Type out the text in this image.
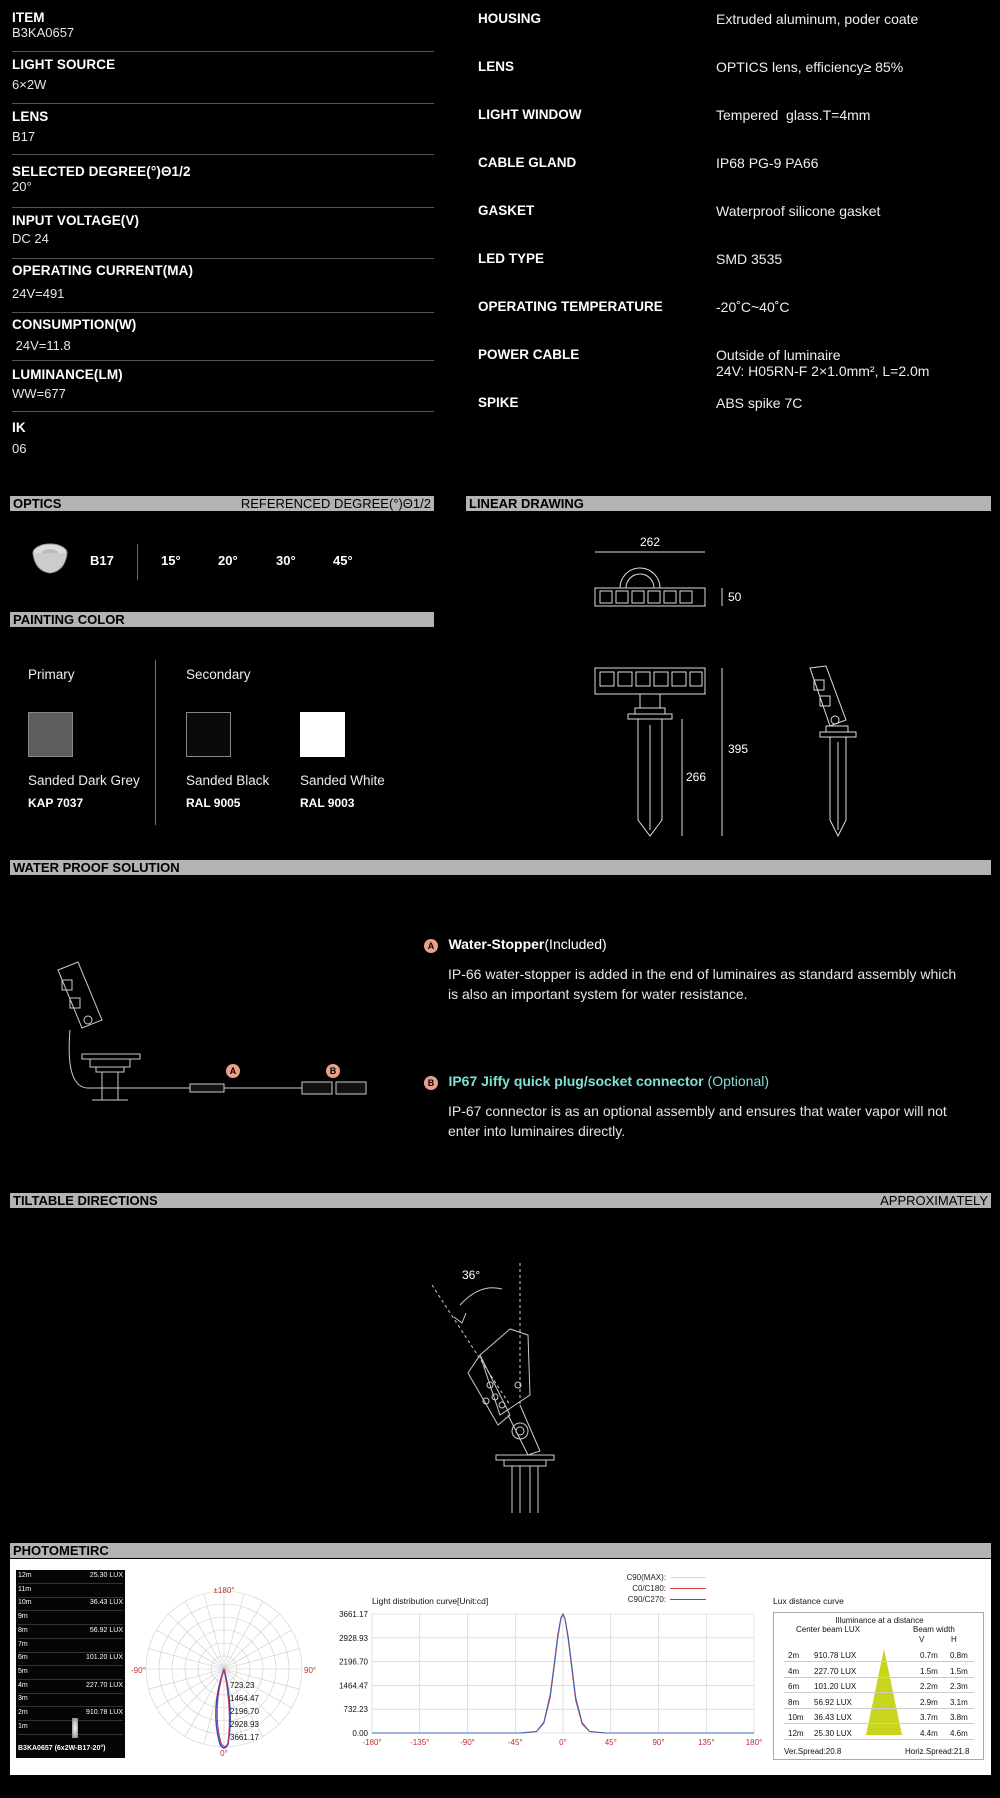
ITEM
B3KA0657
LIGHT SOURCE
6×2W
LENS
B17
SELECTED DEGREE(°)Θ1/2
20°
INPUT VOLTAGE(V)
DC 24
OPERATING CURRENT(MA)
24V=491
CONSUMPTION(W)
24V=11.8
LUMINANCE(LM)
WW=677
IK
06
HOUSING	Extruded aluminum, poder coate
LENS	OPTICS lens, efficiency≥ 85%
LIGHT WINDOW	Tempered  glass.T=4mm
CABLE GLAND	IP68 PG-9 PA66
GASKET	Waterproof silicone gasket
LED TYPE	SMD 3535
OPERATING TEMPERATURE	-20˚C~40˚C
POWER CABLE	Outside of luminaire
24V: H05RN-F 2×1.0mm², L=2.0m
SPIKE	ABS spike 7C
OPTICS	REFERENCED DEGREE(°)Θ1/2
B17	15°	20°	30°	45°
PAINTING COLOR
Primary	Secondary
Sanded Dark Grey
KAP 7037
Sanded Black
RAL 9005
Sanded White
RAL 9003
LINEAR DRAWING
262
50
395
266
WATER PROOF SOLUTION
A	B
A Water-Stopper(Included)
IP-66 water-stopper is added in the end of luminaires as standard assembly which is also an important system for water resistance.
B IP67 Jiffy quick plug/socket connector (Optional)
IP-67 connector is as an optional assembly and ensures that water vapor will not enter into luminaires directly.
TILTABLE DIRECTIONS	APPROXIMATELY
36°
PHOTOMETIRC
12m	25.30 LUX
11m
10m	36.43 LUX
9m
8m	56.92 LUX
7m
6m	101.20 LUX
5m
4m	227.70 LUX
3m
2m	910.78 LUX
1m
B3KA0657 (6x2W-B17-20°)
±180°
-90°	90°
0°
723.23
1464.47
2196.70
2928.93
3661.17
C90(MAX):
C0/C180:
C90/C270:
Light distribution curve[Unit:cd]
0.00
732.23
1464.47
2196.70
2928.93
3661.17
-180°	-135°	-90°	-45°	0°	45°	90°	135°	180°
Lux distance curve
Illuminance at a distance
Center beam LUX	Beam width
V	H
2m 910.78 LUX	0.7m 0.8m
4m 227.70 LUX	1.5m 1.5m
6m 101.20 LUX	2.2m 2.3m
8m 56.92 LUX	2.9m 3.1m
10m 36.43 LUX	3.7m 3.8m
12m 25.30 LUX	4.4m 4.6m
Ver.Spread:20.8	Horiz.Spread:21.8
